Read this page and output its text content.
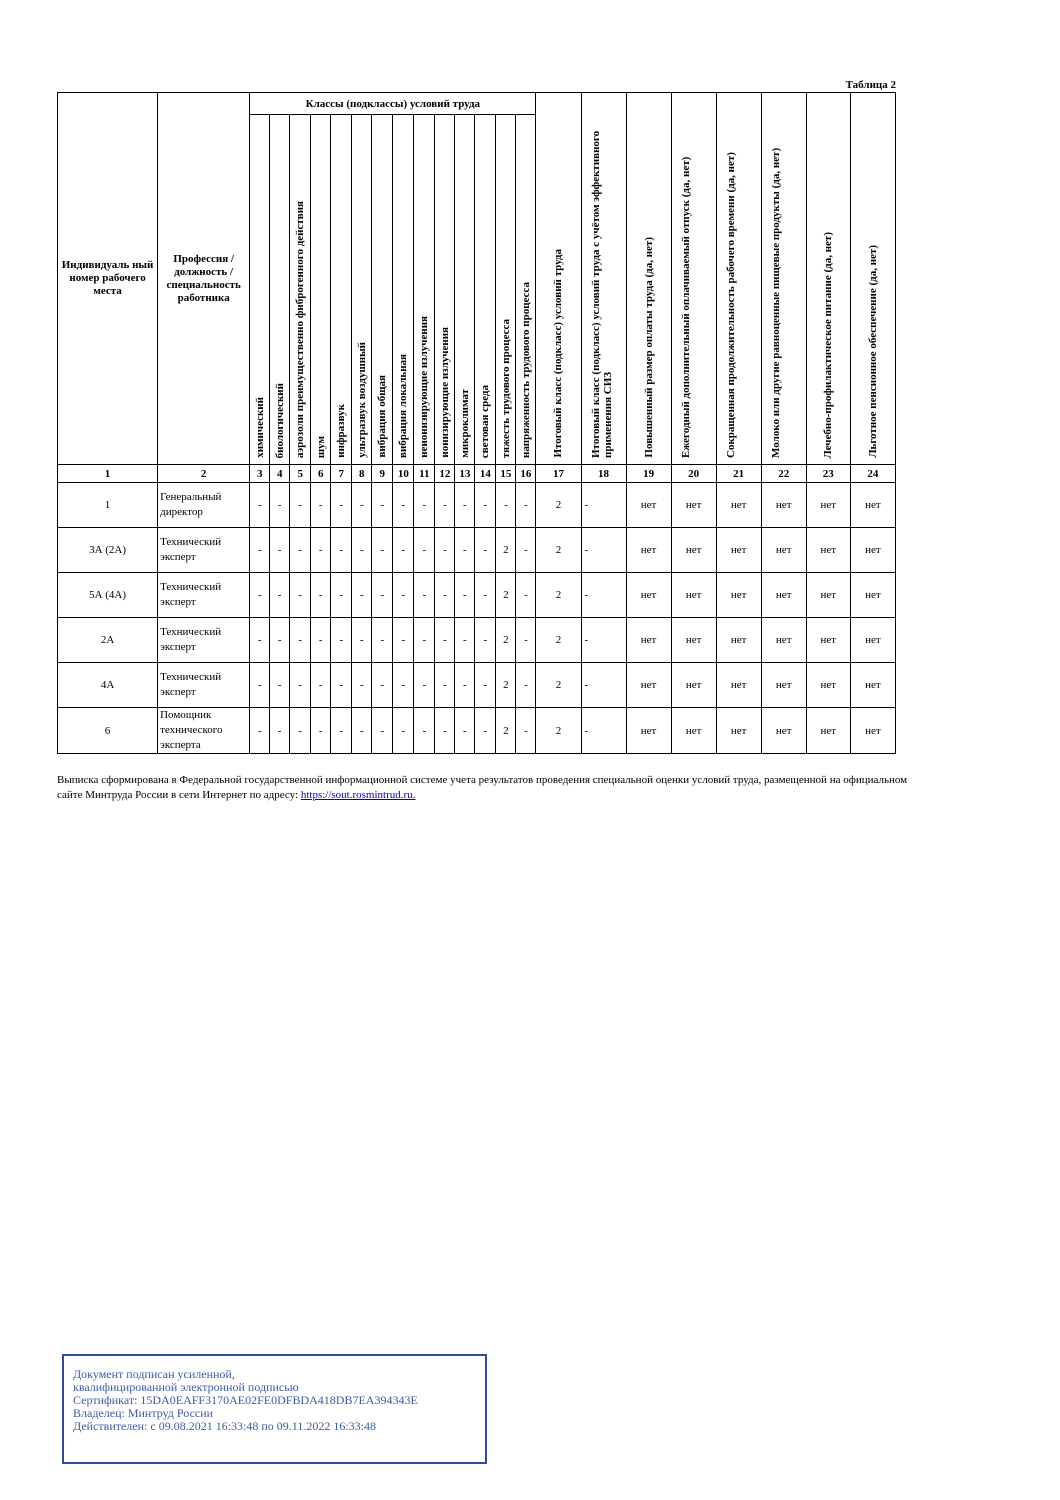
Таблица 2
Индивидуаль ный номер рабочего места	Профессия / должность / специальность работника	Классы (подклассы) условий труда														Итоговый класс (подкласс) условий труда	Итоговый класс (подкласс) условий труда с учётом эффективного применения СИЗ	Повышенный размер оплаты труда (да, нет)	Ежегодный дополнительный оплачиваемый отпуск (да, нет)	Сокращенная продолжительность рабочего времени (да, нет)	Молоко или другие равноценные пищевые продукты (да, нет)	Лечебно-профилактическое питание (да, нет)	Льготное пенсионное обеспечение (да, нет)

		химический	биологический	аэрозоли преимущественно фиброгенного действия	шум	инфразвук	ультразвук воздушный	вибрация общая	вибрация локальная	неионизирующие излучения	ионизирующие излучения	микроклимат	световая среда	тяжесть трудового процесса	напряженность трудового процесса								

1	2	3	4	5	6	7	8	9	10	11	12	13	14	15	16	17	18	19	20	21	22	23	24
1	Генеральный директор	-	-	-	-	-	-	-	-	-	-	-	-	-	-	2	-	нет	нет	нет	нет	нет	нет
3А (2А)	Технический эксперт	-	-	-	-	-	-	-	-	-	-	-	-	2	-	2	-	нет	нет	нет	нет	нет	нет
5А (4А)	Технический эксперт	-	-	-	-	-	-	-	-	-	-	-	-	2	-	2	-	нет	нет	нет	нет	нет	нет
2А	Технический эксперт	-	-	-	-	-	-	-	-	-	-	-	-	2	-	2	-	нет	нет	нет	нет	нет	нет
4А	Технический эксперт	-	-	-	-	-	-	-	-	-	-	-	-	2	-	2	-	нет	нет	нет	нет	нет	нет
6	Помощник технического эксперта	-	-	-	-	-	-	-	-	-	-	-	-	2	-	2	-	нет	нет	нет	нет	нет	нет
Выписка сформирована в Федеральной государственной информационной системе учета результатов проведения специальной оценки условий труда, размещенной на официальном сайте Минтруда России в сети Интернет по адресу: https://sout.rosmintrud.ru.
Документ подписан усиленной,
квалифицированной электронной подписью
Сертификат: 15DA0EAFF3170AE02FE0DFBDA418DB7EA394343E
Владелец: Минтруд России
Действителен: с 09.08.2021 16:33:48 по 09.11.2022 16:33:48
